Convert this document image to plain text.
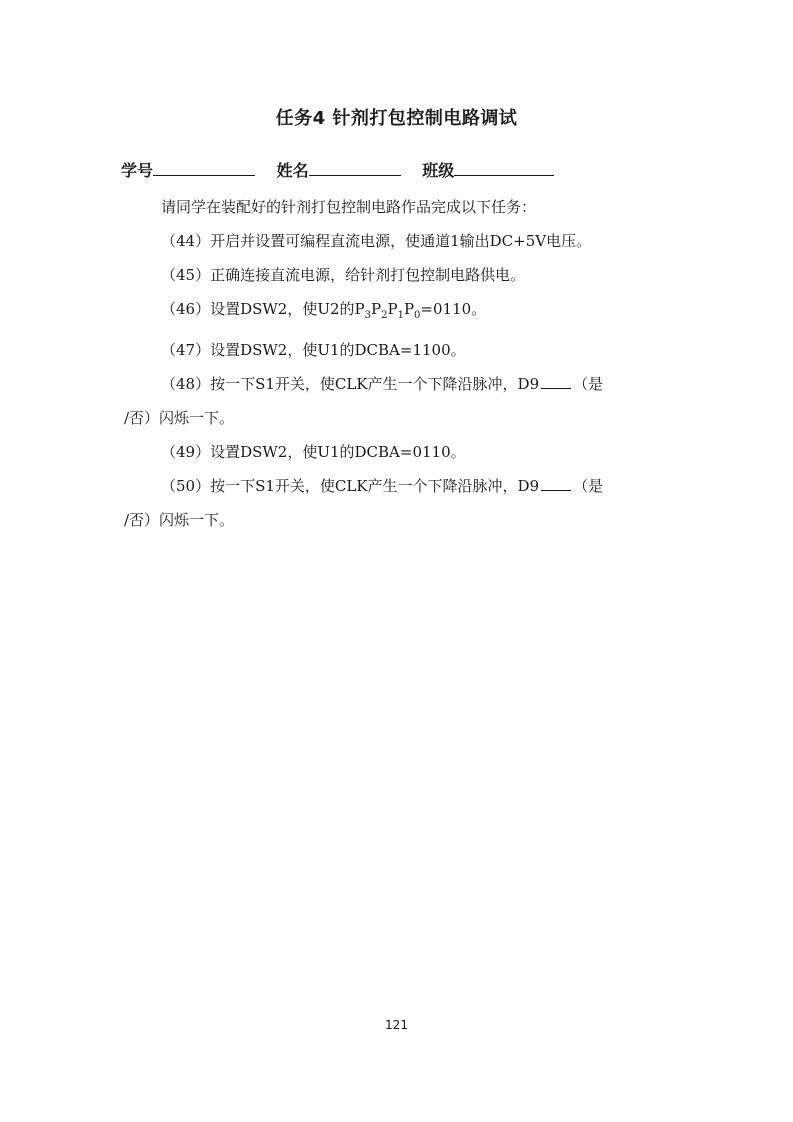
任务4 针剂打包控制电路调试
学号	姓名	班级

请同学在装配好的针剂打包控制电路作品完成以下任务：

（44）开启并设置可编程直流电源，使通道1输出DC+5V电压。

（45）正确连接直流电源，给针剂打包控制电路供电。

（46）设置DSW2，使U2的$P_3P_2P_1P_0=0110$。

（47）设置DSW2，使U1的DCBA=1100。

（48）按一下S1开关，使CLK产生一个下降沿脉冲，D9 （是

/否）闪烁一下。

（49）设置DSW2，使U1的DCBA=0110。

（50）按一下S1开关，使CLK产生一个下降沿脉冲，D9 （是

/否）闪烁一下。

121
